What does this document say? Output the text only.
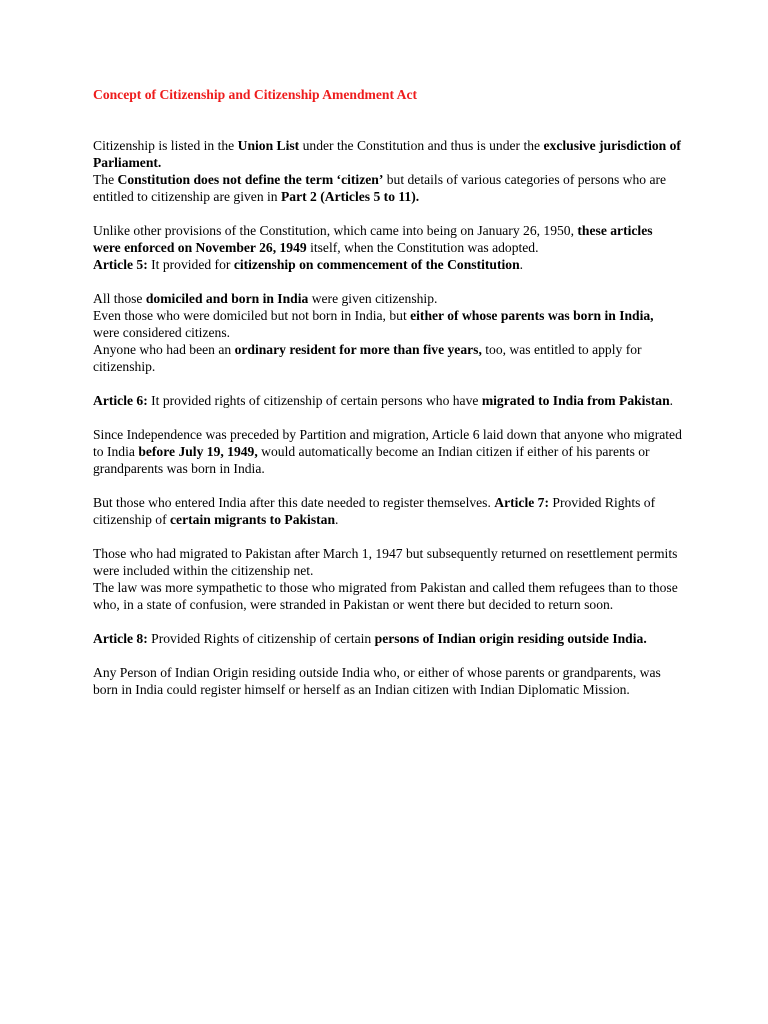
Concept of Citizenship and Citizenship Amendment Act

Citizenship is listed in the Union List under the Constitution and thus is under the exclusive jurisdiction of Parliament.

The Constitution does not define the term ‘citizen’ but details of various categories of persons who are entitled to citizenship are given in Part 2 (Articles 5 to 11).

Unlike other provisions of the Constitution, which came into being on January 26, 1950, these articles were enforced on November 26, 1949 itself, when the Constitution was adopted.

Article 5: It provided for citizenship on commencement of the Constitution.

All those domiciled and born in India were given citizenship.

Even those who were domiciled but not born in India, but either of whose parents was born in India, were considered citizens.

Anyone who had been an ordinary resident for more than five years, too, was entitled to apply for citizenship.

Article 6: It provided rights of citizenship of certain persons who have migrated to India from Pakistan.

Since Independence was preceded by Partition and migration, Article 6 laid down that anyone who migrated to India before July 19, 1949, would automatically become an Indian citizen if either of his parents or grandparents was born in India.

But those who entered India after this date needed to register themselves. Article 7: Provided Rights of citizenship of certain migrants to Pakistan.

Those who had migrated to Pakistan after March 1, 1947 but subsequently returned on resettlement permits were included within the citizenship net.

The law was more sympathetic to those who migrated from Pakistan and called them refugees than to those who, in a state of confusion, were stranded in Pakistan or went there but decided to return soon.

Article 8: Provided Rights of citizenship of certain persons of Indian origin residing outside India.

Any Person of Indian Origin residing outside India who, or either of whose parents or grandparents, was born in India could register himself or herself as an Indian citizen with Indian Diplomatic Mission.
